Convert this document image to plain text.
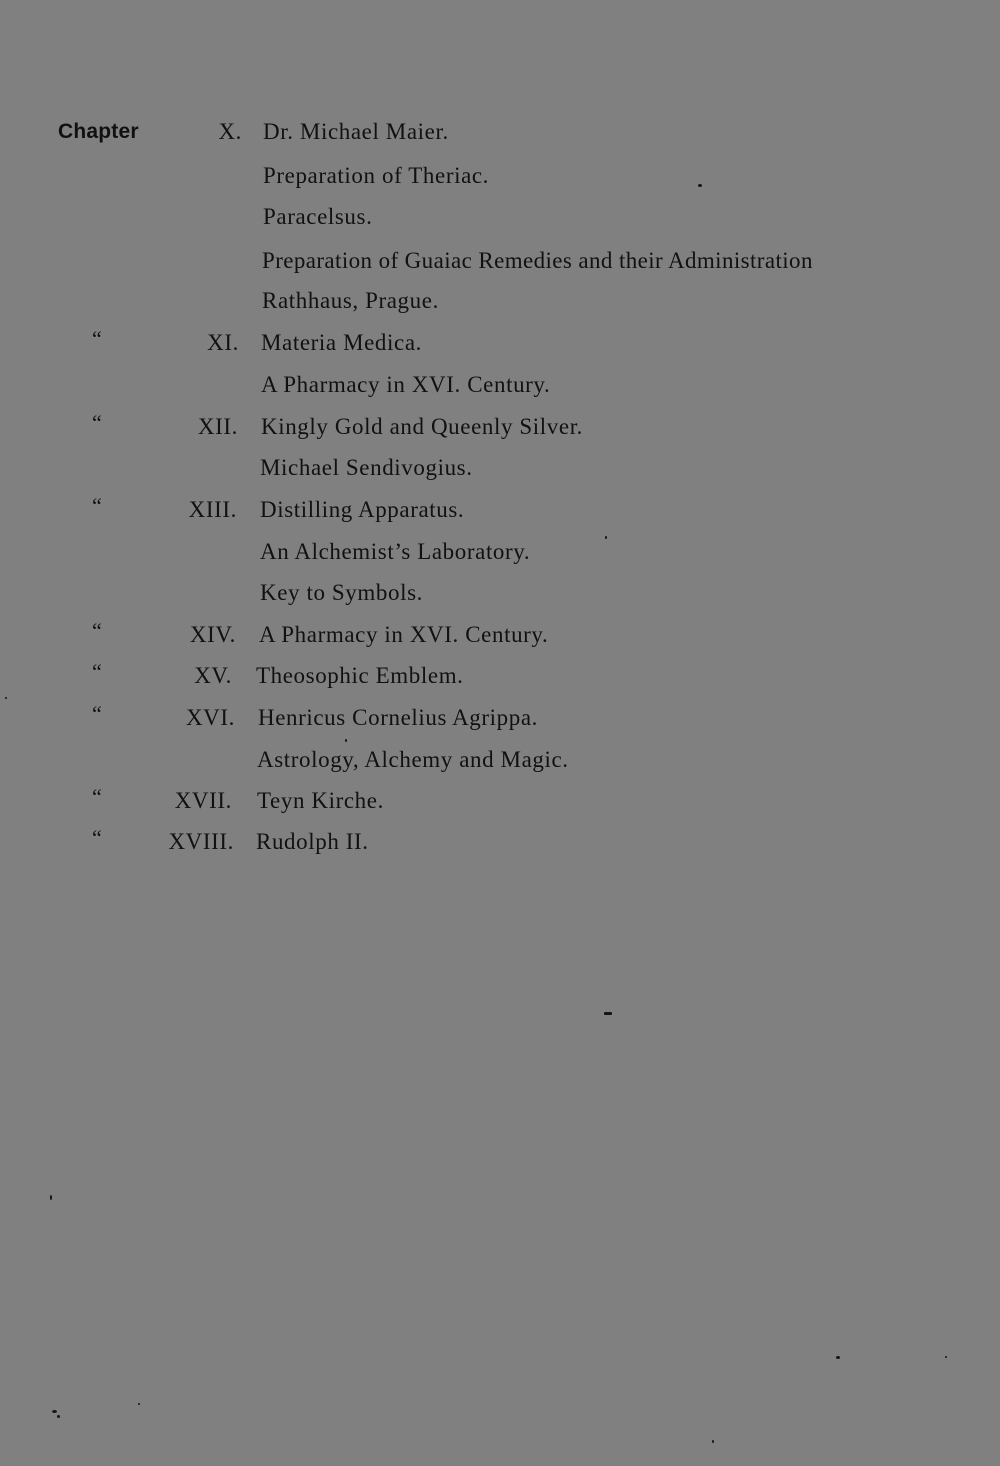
Chapter	X. Dr. Michael Maier.
Preparation of Theriac.
Paracelsus.
Preparation of Guaiac Remedies and their Administration
Rathhaus, Prague.
“	XI. Materia Medica.
A Pharmacy in XVI. Century.
“	XII. Kingly Gold and Queenly Silver.
Michael Sendivogius.
“	XIII. Distilling Apparatus.
An Alchemist’s Laboratory.
Key to Symbols.
“	XIV. A Pharmacy in XVI. Century.
“	XV. Theosophic Emblem.
“	XVI. Henricus Cornelius Agrippa.
Astrology, Alchemy and Magic.
“	XVII. Teyn Kirche.
“	XVIII. Rudolph II.
